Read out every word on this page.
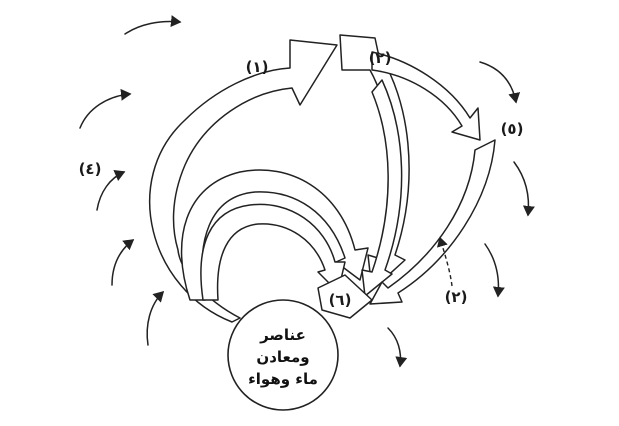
عناصر
ومعادن
ماء وهواء
(١)	(٢)
(٤)
(٥)
(٦)	(٢)
